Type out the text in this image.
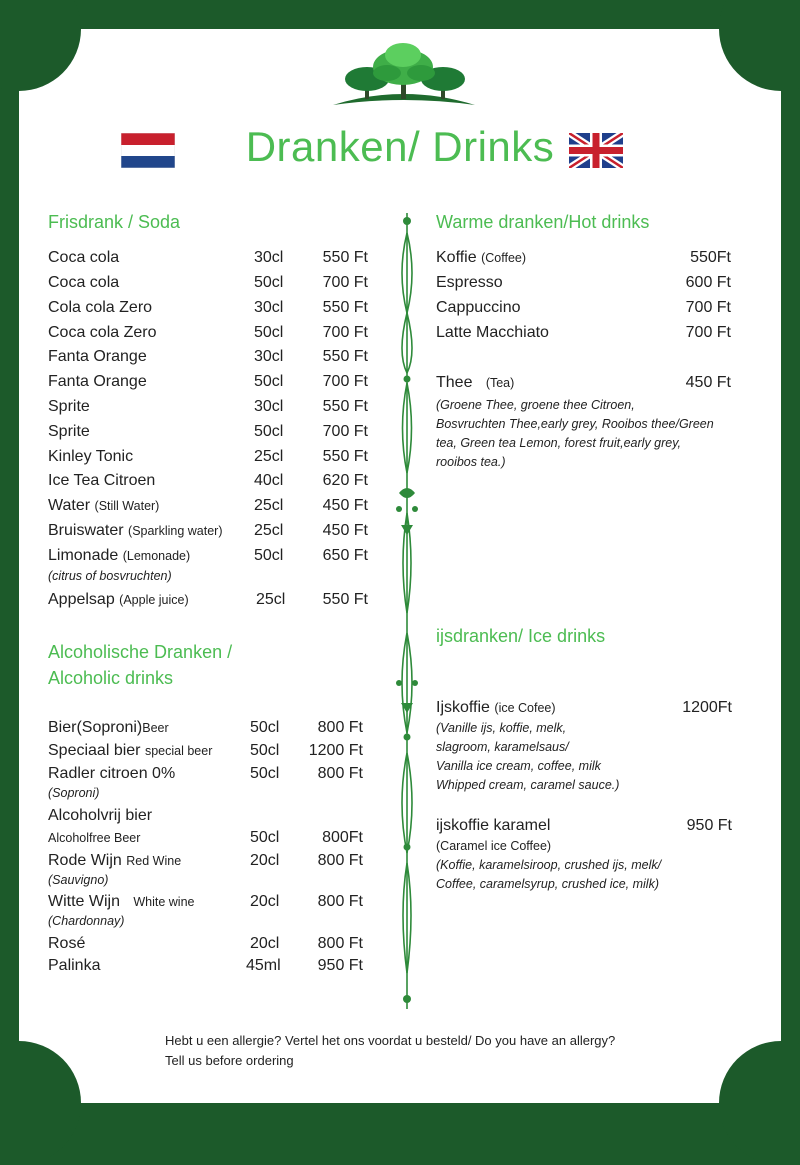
Dranken/ Drinks
Frisdrank / Soda
Alcoholische Dranken /
Alcoholic drinks
Warme dranken/Hot drinks
Thee (Tea)	450 Ft
(Groene Thee, groene thee Citroen,
Bosvruchten Thee,early grey, Rooibos thee/Green
tea, Green tea Lemon, forest fruit,early grey,
rooibos tea.)
ijsdranken/ Ice drinks
Ijskoffie (ice Cofee)	1200Ft
(Vanille ijs, koffie, melk,
slagroom, karamelsaus/
Vanilla ice cream, coffee, milk
Whipped cream, caramel sauce.)
ijskoffie karamel	950 Ft
(Caramel ice Coffee)
(Koffie, karamelsiroop, crushed ijs, melk/
Coffee, caramelsyrup, crushed ice, milk)
Hebt u een allergie? Vertel het ons voordat u besteld/ Do you have an allergy?
Tell us before ordering
Coca cola	30cl 550 Ft
Coca cola	50cl 700 Ft
Cola cola Zero	30cl 550 Ft
Coca cola Zero	50cl 700 Ft
Fanta Orange	30cl 550 Ft
Fanta Orange	50cl 700 Ft
Sprite	30cl 550 Ft
Sprite	50cl 700 Ft
Kinley Tonic	25cl 550 Ft
Ice Tea Citroen	40cl 620 Ft
Water (Still Water)	25cl 450 Ft
Bruiswater (Sparkling water) 25cl 450 Ft
Limonade (Lemonade)	50cl 650 Ft
(citrus of bosvruchten)
Appelsap (Apple juice)	25cl 550 Ft
Bier(Soproni)Beer	50cl 800 Ft
Speciaal bier special beer 50cl 1200 Ft
Radler citroen 0%	50cl 800 Ft
(Soproni)
Alcoholvrij bier
Alcoholfree Beer	50cl	800Ft
Rode Wijn Red Wine	20cl 800 Ft
(Sauvigno)
Witte Wijn White wine	20cl 800 Ft
(Chardonnay)
Rosé	20cl 800 Ft
Palinka	45ml 950 Ft
Koffie (Coffee)	550Ft
Espresso	600 Ft
Cappuccino	700 Ft
Latte Macchiato	700 Ft
